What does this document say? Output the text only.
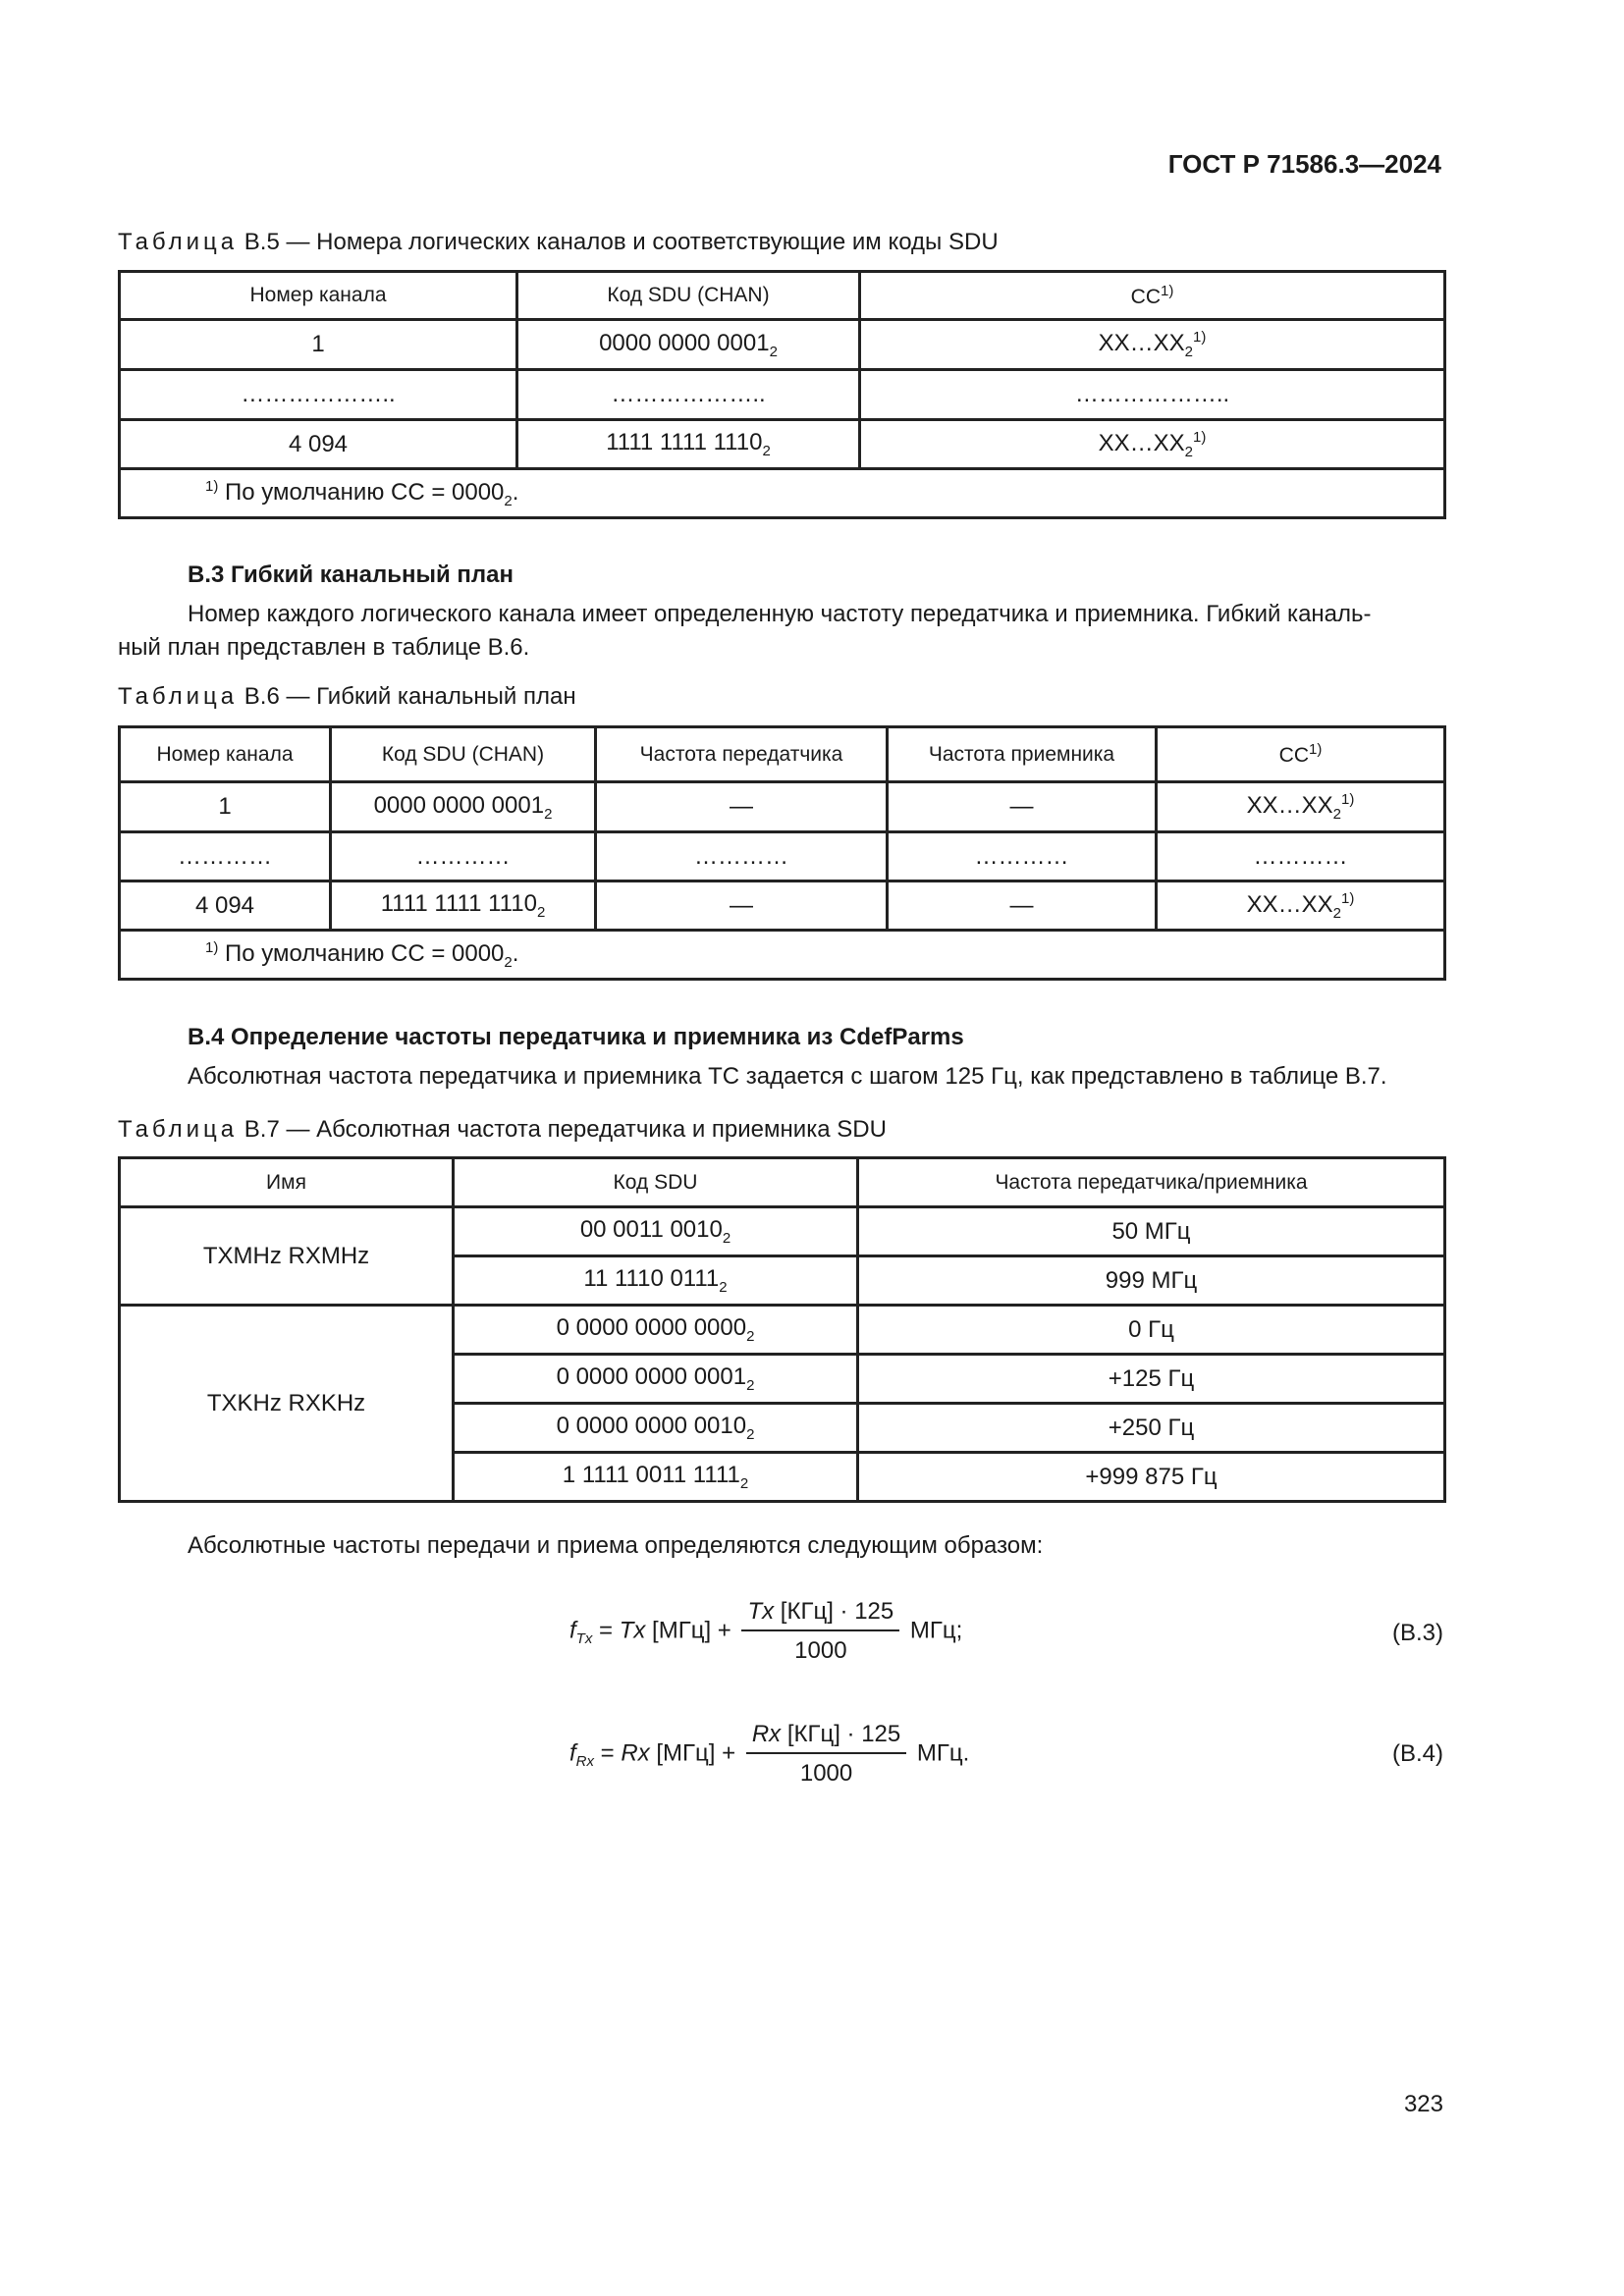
ГОСТ Р 71586.3—2024
Таблица В.5 — Номера логических каналов и соответствующие им коды SDU
Номер канала	Код SDU (CHAN)	CC$^{1)}$
1	0000 0000 $0001_2$	$XX\dots XX_2^{1)}$
………………..	………………..	………………..
4 094	1111 1111 $1110_2$	$XX\dots XX_2^{1)}$
$^{1)}$ По умолчанию CC = $0000_2$.		
В.3 Гибкий канальный план
Номер каждого логического канала имеет определенную частоту передатчика и приемника. Гибкий каналь-
ный план представлен в таблице В.6.
Таблица В.6 — Гибкий канальный план
Номер канала	Код SDU (CHAN)	Частота передатчика	Частота приемника	CC$^{1)}$
1	0000 0000 $0001_2$	—	—	$XX\dots XX_2^{1)}$
…………	…………	…………	…………	…………
4 094	1111 1111 $1110_2$	—	—	$XX\dots XX_2^{1)}$
$^{1)}$ По умолчанию CC = $0000_2$.				
В.4 Определение частоты передатчика и приемника из CdefParms
Абсолютная частота передатчика и приемника TC задается с шагом 125 Гц, как представлено в таблице В.7.
Таблица В.7 — Абсолютная частота передатчика и приемника SDU
Имя	Код SDU	Частота передатчика/приемника
TXMHz RXMHz	00 0011 $0010_2$	50 МГц
	11 1110 $0111_2$	999 МГц
TXKHz RXKHz	0 0000 0000 $0000_2$	0 Гц
	0 0000 0000 $0001_2$	+125 Гц
	0 0000 0000 $0010_2$	+250 Гц
	1 1111 0011 $1111_2$	+999 875 Гц
Абсолютные частоты передачи и приема определяются следующим образом:
$f_{Tx} = Tx$ $[МГц] + \frac{\text{Tx [КГц] · 125}}{1000}$ МГц;	(В.3)
$f_{Rx} = Rx$ $[МГц] + \frac{\text{Rx [КГц] · 125}}{1000}$ МГц.	(В.4)
323
